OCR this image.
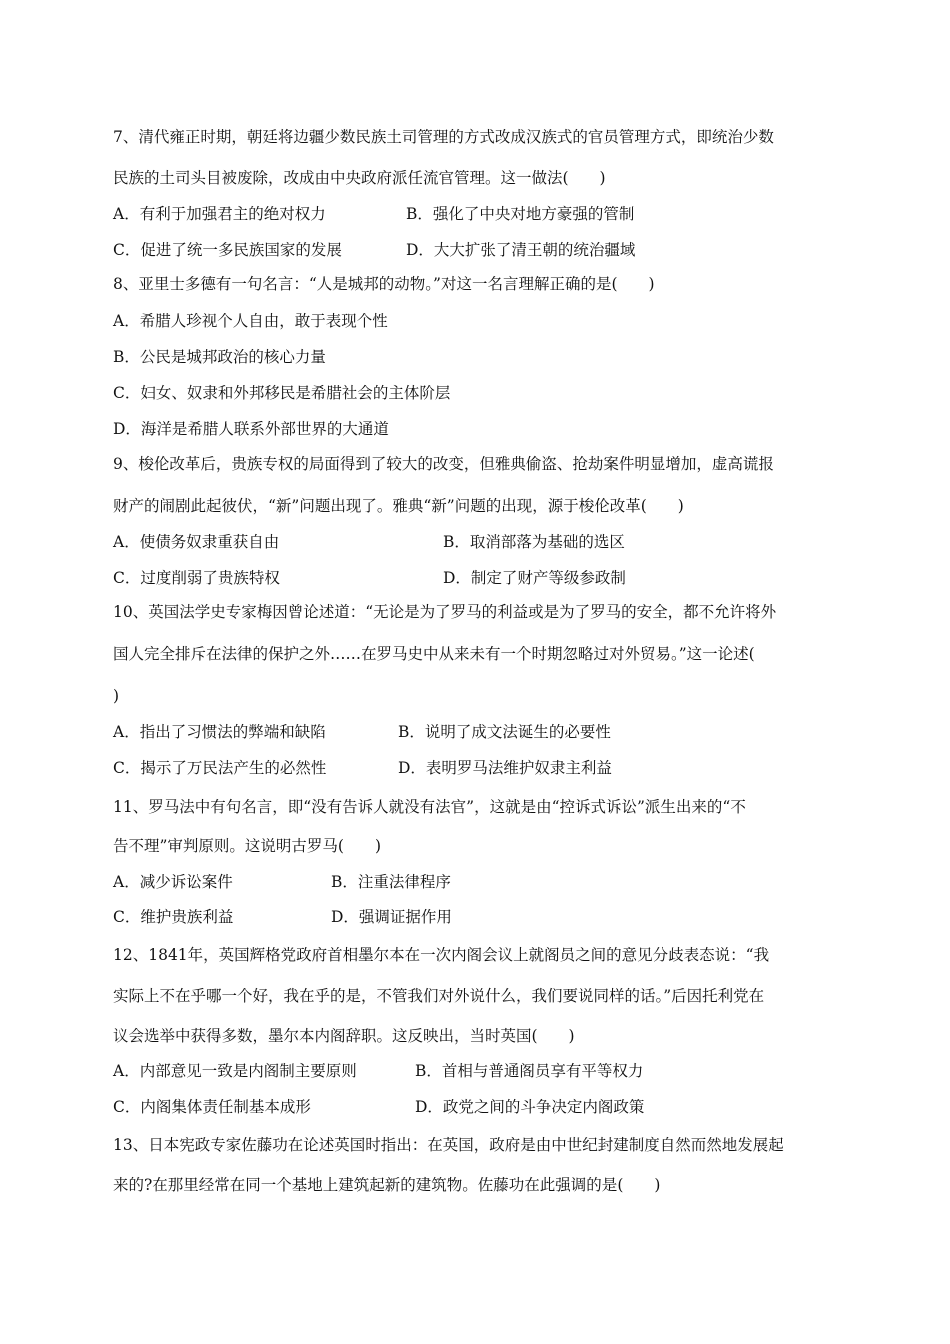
7、清代雍正时期，朝廷将边疆少数民族土司管理的方式改成汉族式的官员管理方式，即统治少数
民族的土司头目被废除，改成由中央政府派任流官管理。这一做法(　　)
A．有利于加强君主的绝对权力	B．强化了中央对地方豪强的管制
C．促进了统一多民族国家的发展	D．大大扩张了清王朝的统治疆域
8、亚里士多德有一句名言：“人是城邦的动物。”对这一名言理解正确的是(　　)
A．希腊人珍视个人自由，敢于表现个性
B．公民是城邦政治的核心力量
C．妇女、奴隶和外邦移民是希腊社会的主体阶层
D．海洋是希腊人联系外部世界的大通道
9、梭伦改革后，贵族专权的局面得到了较大的改变，但雅典偷盗、抢劫案件明显增加，虚高谎报
财产的闹剧此起彼伏，“新”问题出现了。雅典“新”问题的出现，源于梭伦改革(　　)
A．使债务奴隶重获自由	B．取消部落为基础的选区
C．过度削弱了贵族特权	D．制定了财产等级参政制
10、英国法学史专家梅因曾论述道：“无论是为了罗马的利益或是为了罗马的安全，都不允许将外
国人完全排斥在法律的保护之外……在罗马史中从来未有一个时期忽略过对外贸易。”这一论述(
)
A．指出了习惯法的弊端和缺陷	B．说明了成文法诞生的必要性
C．揭示了万民法产生的必然性	D．表明罗马法维护奴隶主利益
11、罗马法中有句名言，即“没有告诉人就没有法官”，这就是由“控诉式诉讼”派生出来的“不
告不理”审判原则。这说明古罗马(　　)
A．减少诉讼案件	B．注重法律程序
C．维护贵族利益	D．强调证据作用
12、1841年，英国辉格党政府首相墨尔本在一次内阁会议上就阁员之间的意见分歧表态说：“我
实际上不在乎哪一个好，我在乎的是，不管我们对外说什么，我们要说同样的话。”后因托利党在
议会选举中获得多数，墨尔本内阁辞职。这反映出，当时英国(　　)
A．内部意见一致是内阁制主要原则	B．首相与普通阁员享有平等权力
C．内阁集体责任制基本成形	D．政党之间的斗争决定内阁政策
13、日本宪政专家佐藤功在论述英国时指出：在英国，政府是由中世纪封建制度自然而然地发展起
来的?在那里经常在同一个基地上建筑起新的建筑物。佐藤功在此强调的是(　　)
